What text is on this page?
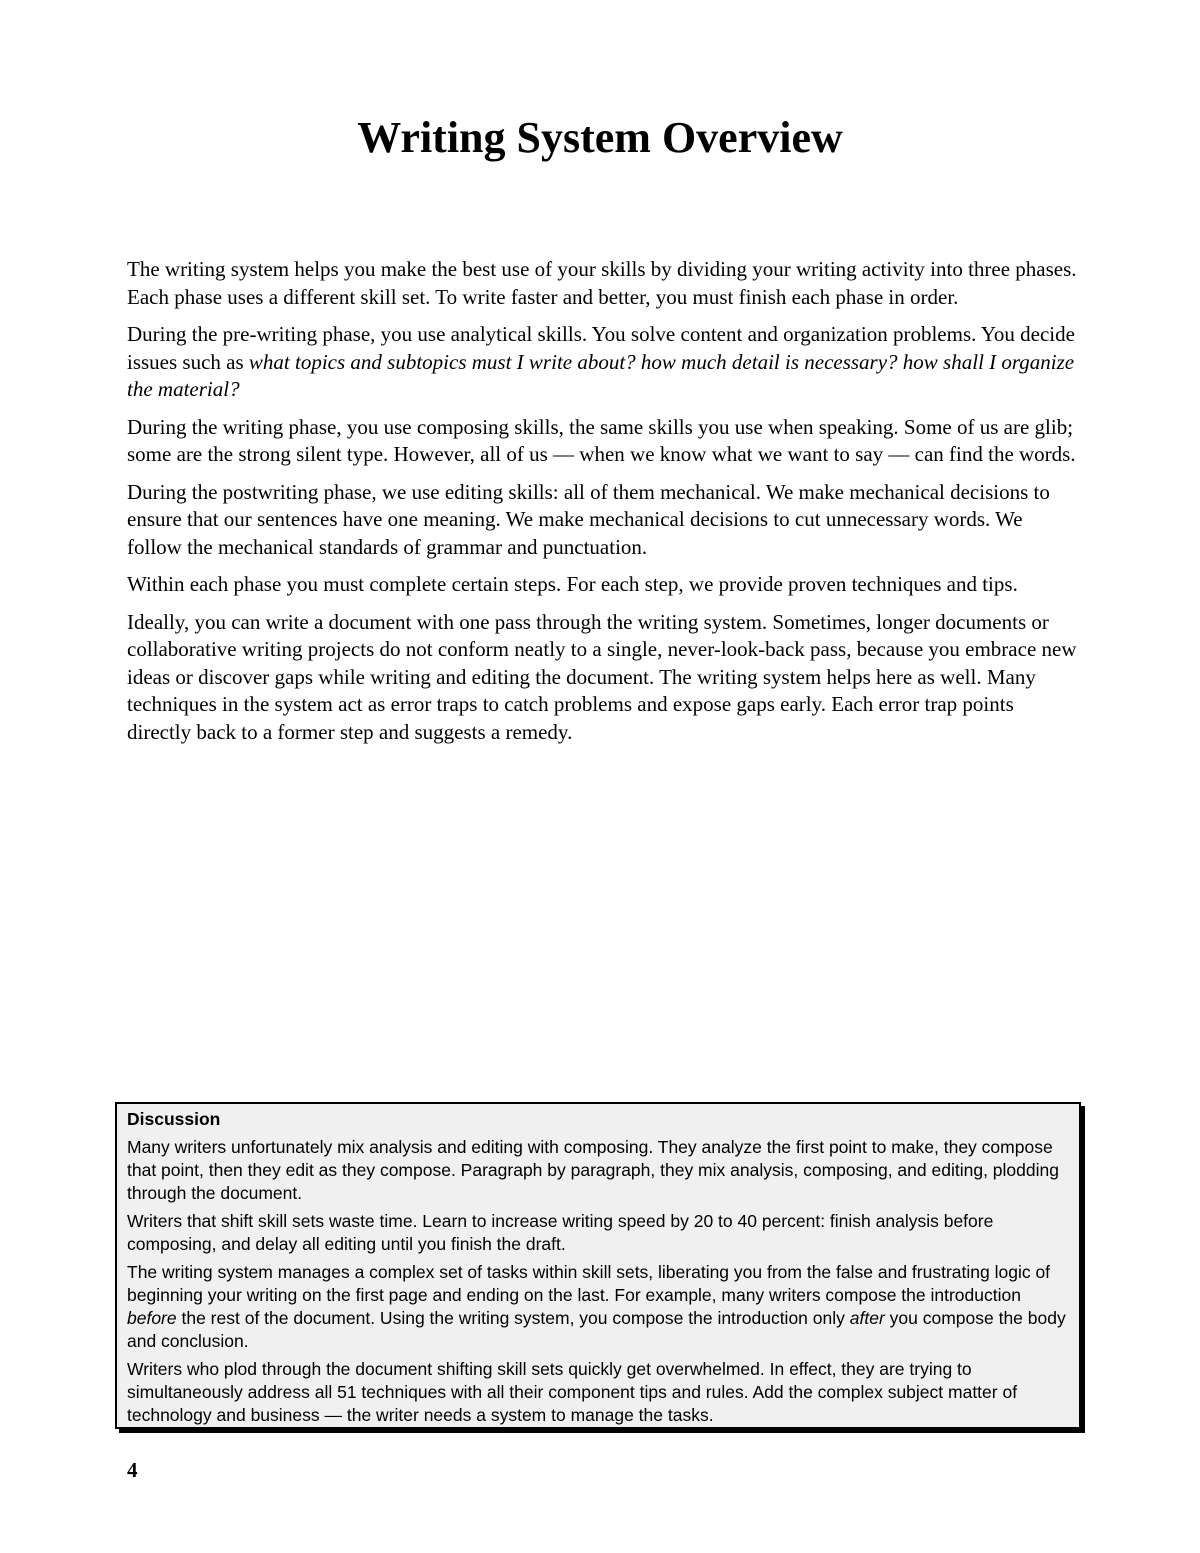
Writing System Overview

The writing system helps you make the best use of your skills by dividing your writing activity into three phases. Each phase uses a different skill set. To write faster and better, you must finish each phase in order.

During the pre-writing phase, you use analytical skills. You solve content and organization problems. You decide issues such as what topics and subtopics must I write about? how much detail is necessary? how shall I organize the material?

During the writing phase, you use composing skills, the same skills you use when speaking. Some of us are glib; some are the strong silent type. However, all of us — when we know what we want to say — can find the words.

During the postwriting phase, we use editing skills: all of them mechanical. We make mechanical decisions to ensure that our sentences have one meaning. We make mechanical decisions to cut unnecessary words. We follow the mechanical standards of grammar and punctuation.

Within each phase you must complete certain steps. For each step, we provide proven techniques and tips.

Ideally, you can write a document with one pass through the writing system. Sometimes, longer documents or collaborative writing projects do not conform neatly to a single, never-look-back pass, because you embrace new ideas or discover gaps while writing and editing the document. The writing system helps here as well. Many techniques in the system act as error traps to catch problems and expose gaps early. Each error trap points directly back to a former step and suggests a remedy.

Discussion

Many writers unfortunately mix analysis and editing with composing. They analyze the first point to make, they compose that point, then they edit as they compose. Paragraph by paragraph, they mix analysis, composing, and editing, plodding through the document.

Writers that shift skill sets waste time. Learn to increase writing speed by 20 to 40 percent: finish analysis before composing, and delay all editing until you finish the draft.

The writing system manages a complex set of tasks within skill sets, liberating you from the false and frustrating logic of beginning your writing on the first page and ending on the last. For example, many writers compose the introduction before the rest of the document. Using the writing system, you compose the introduction only after you compose the body and conclusion.

Writers who plod through the document shifting skill sets quickly get overwhelmed. In effect, they are trying to simultaneously address all 51 techniques with all their component tips and rules. Add the complex subject matter of technology and business — the writer needs a system to manage the tasks.

4
